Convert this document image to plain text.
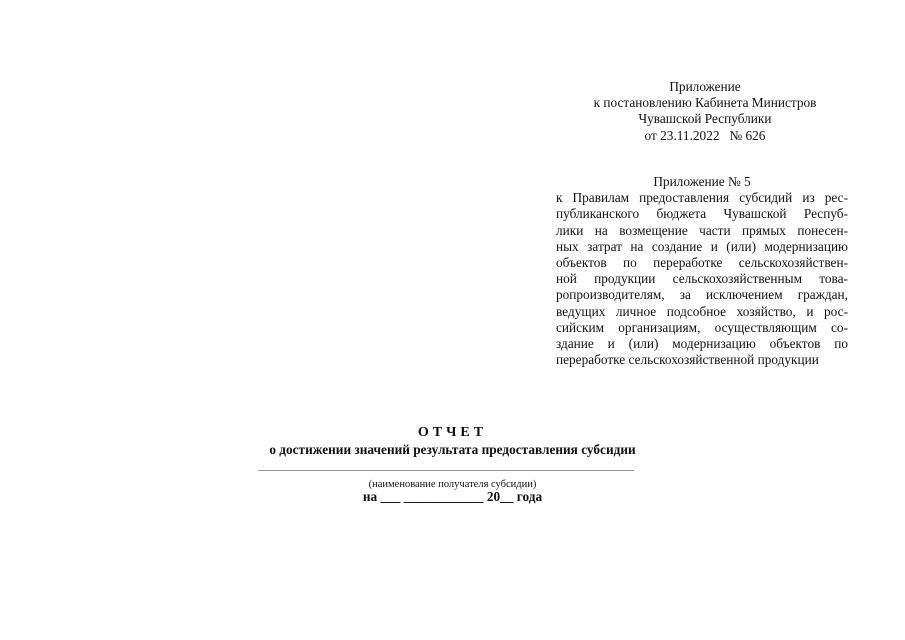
Приложение
к постановлению Кабинета Министров
Чувашской Республики
от 23.11.2022   № 626
Приложение № 5
к Правилам предоставления субсидий из рес-
публиканского бюджета Чувашской Респуб-
лики на возмещение части прямых понесен-
ных затрат на создание и (или) модернизацию
объектов по переработке сельскохозяйствен-
ной продукции сельскохозяйственным това-
ропроизводителям, за исключением граждан,
ведущих личное подсобное хозяйство, и рос-
сийским организациям, осуществляющим со-
здание и (или) модернизацию объектов по
переработке сельскохозяйственной продукции
ОТЧЕТ
о достижении значений результата предоставления субсидии
(наименование получателя субсидии)
на ___ ____________ 20__ года
